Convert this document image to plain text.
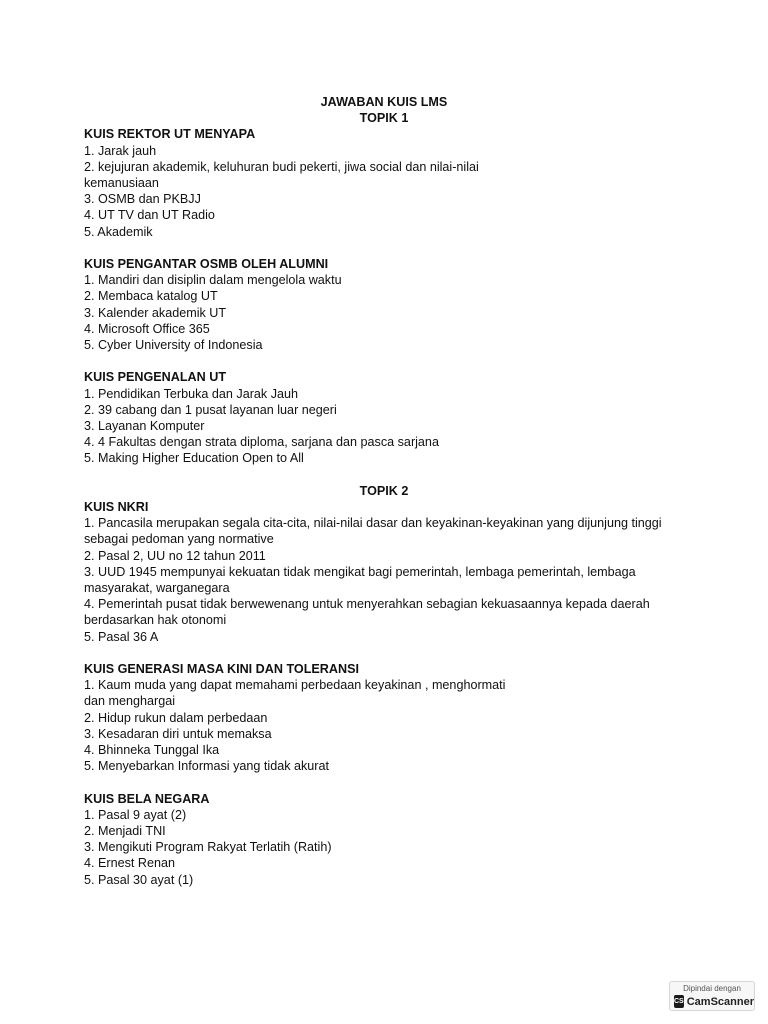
JAWABAN KUIS LMS
TOPIK 1
KUIS REKTOR UT MENYAPA
1. Jarak jauh
2. kejujuran akademik, keluhuran budi pekerti, jiwa social dan nilai-nilai
kemanusiaan
3. OSMB dan PKBJJ
4. UT TV dan UT Radio
5. Akademik
KUIS PENGANTAR OSMB OLEH ALUMNI
1. Mandiri dan disiplin dalam mengelola waktu
2. Membaca katalog UT
3. Kalender akademik UT
4. Microsoft Office 365
5. Cyber University of Indonesia
KUIS PENGENALAN UT
1. Pendidikan Terbuka dan Jarak Jauh
2. 39 cabang dan 1 pusat layanan luar negeri
3. Layanan Komputer
4. 4 Fakultas dengan strata diploma, sarjana dan pasca sarjana
5. Making Higher Education Open to All
TOPIK 2
KUIS NKRI
1. Pancasila merupakan segala cita-cita, nilai-nilai dasar dan keyakinan-keyakinan yang dijunjung tinggi
sebagai pedoman yang normative
2. Pasal 2, UU no 12 tahun 2011
3. UUD 1945 mempunyai kekuatan tidak mengikat bagi pemerintah, lembaga pemerintah, lembaga
masyarakat, warganegara
4. Pemerintah pusat tidak berwewenang untuk menyerahkan sebagian kekuasaannya kepada daerah
berdasarkan hak otonomi
5. Pasal 36 A
KUIS GENERASI MASA KINI DAN TOLERANSI
1. Kaum muda yang dapat memahami perbedaan keyakinan , menghormati
dan menghargai
2. Hidup rukun dalam perbedaan
3. Kesadaran diri untuk memaksa
4. Bhinneka Tunggal Ika
5. Menyebarkan Informasi yang tidak akurat
KUIS BELA NEGARA
1. Pasal 9 ayat (2)
2. Menjadi TNI
3. Mengikuti Program Rakyat Terlatih (Ratih)
4. Ernest Renan
5. Pasal 30 ayat (1)
Dipindai dengan
CS CamScanner
